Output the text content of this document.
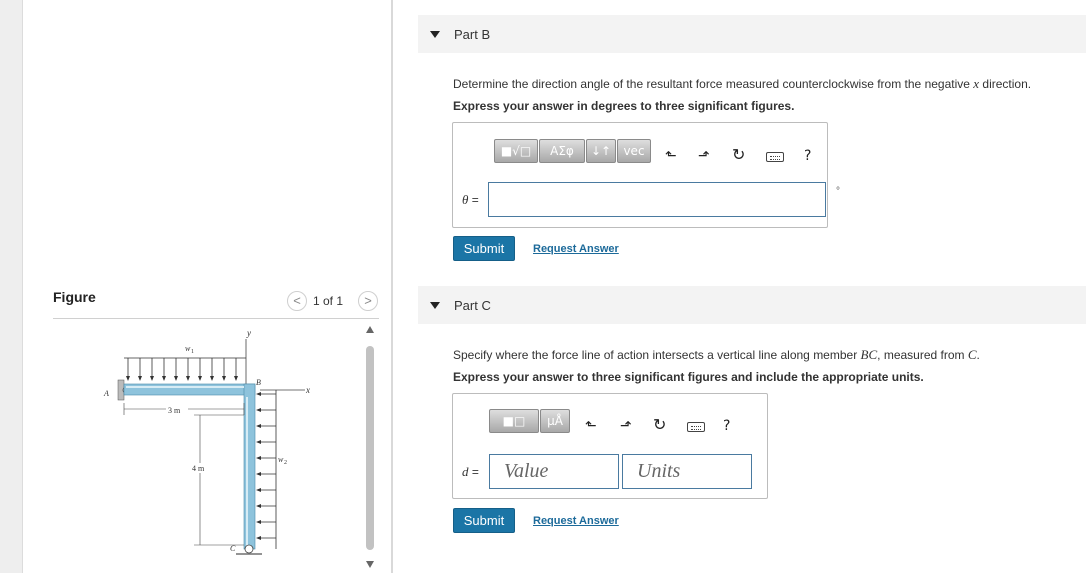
Figure	<	1 of 1	>
y
x
w 1
A
B
C
w 2
3 m
4 m
Part B
Determine the direction angle of the resultant force measured counterclockwise from the negative x direction.
Express your answer in degrees to three significant figures.
■√□	AΣφ	↓↑	vec	⬑ ⬏ ↻	?
θ =
°
Submit	Request Answer
Part C
Specify where the force line of action intersects a vertical line along member BC, measured from C.
Express your answer to three significant figures and include the appropriate units.
■□	μÅ	⬑ ⬏ ↻	?
d = Value	Units
Submit	Request Answer
